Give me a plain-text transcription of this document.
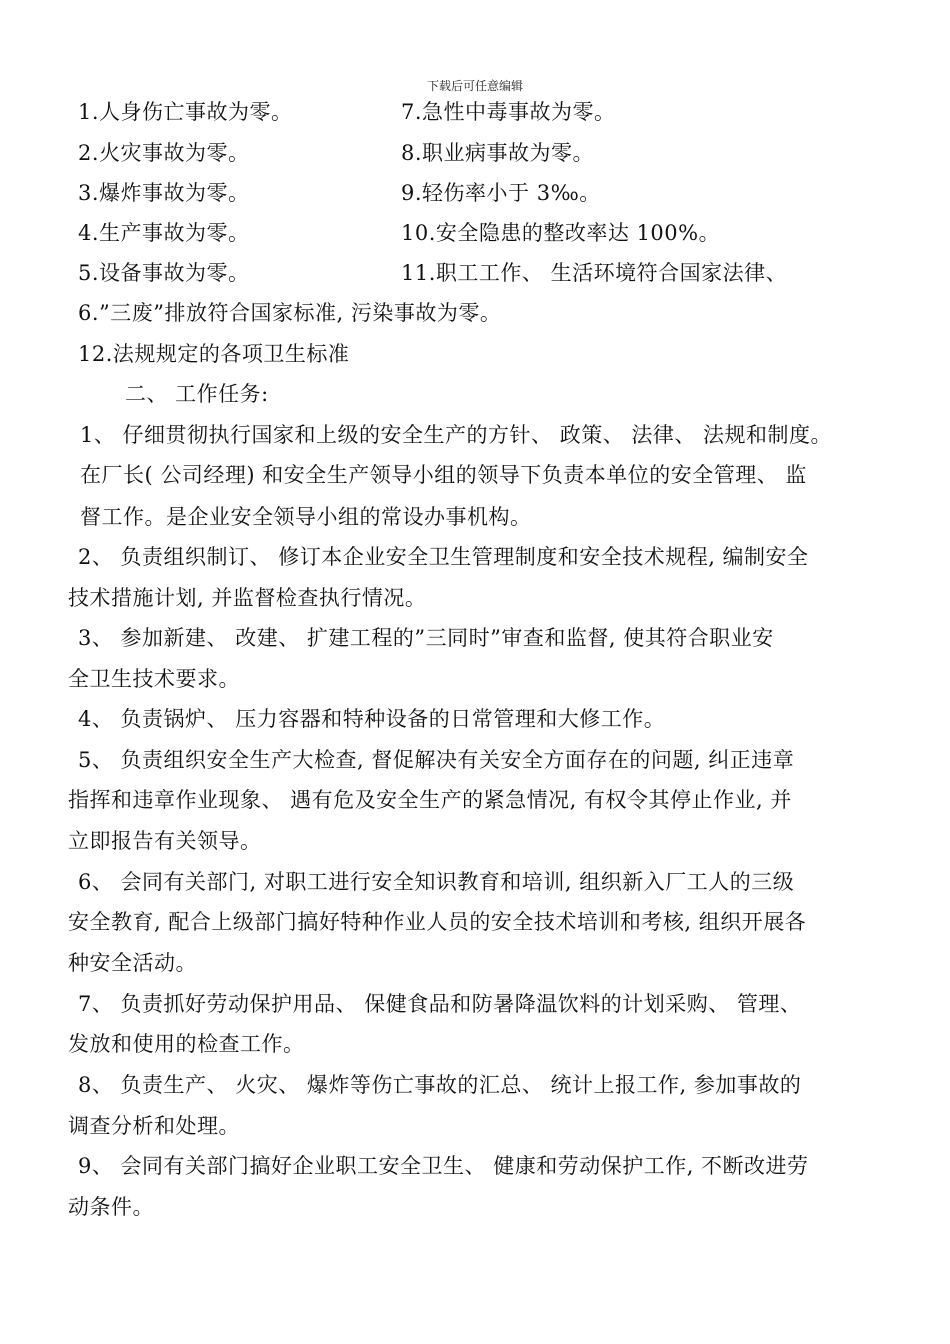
下载后可任意编辑
1.人身伤亡事故为零。
2.火灾事故为零。
3.爆炸事故为零。
4.生产事故为零。
5.设备事故为零。
7.急性中毒事故为零。
8.职业病事故为零。
9.轻伤率小于 3‰。
10.安全隐患的整改率达 100%。
11.职工工作、 生活环境符合国家法律、
6.”三废”排放符合国家标准, 污染事故为零。
12.法规规定的各项卫生标准
二、 工作任务:
1、 仔细贯彻执行国家和上级的安全生产的方针、 政策、 法律、 法规和制度。
在厂长( 公司经理) 和安全生产领导小组的领导下负责本单位的安全管理、 监
督工作。是企业安全领导小组的常设办事机构。
2、 负责组织制订、 修订本企业安全卫生管理制度和安全技术规程, 编制安全
技术措施计划, 并监督检查执行情况。
3、 参加新建、 改建、 扩建工程的”三同时”审查和监督, 使其符合职业安
全卫生技术要求。
4、 负责锅炉、 压力容器和特种设备的日常管理和大修工作。
5、 负责组织安全生产大检查, 督促解决有关安全方面存在的问题, 纠正违章
指挥和违章作业现象、 遇有危及安全生产的紧急情况, 有权令其停止作业, 并
立即报告有关领导。
6、 会同有关部门, 对职工进行安全知识教育和培训, 组织新入厂工人的三级
安全教育, 配合上级部门搞好特种作业人员的安全技术培训和考核, 组织开展各
种安全活动。
7、 负责抓好劳动保护用品、 保健食品和防暑降温饮料的计划采购、 管理、
发放和使用的检查工作。
8、 负责生产、 火灾、 爆炸等伤亡事故的汇总、 统计上报工作, 参加事故的
调查分析和处理。
9、 会同有关部门搞好企业职工安全卫生、 健康和劳动保护工作, 不断改进劳
动条件。
